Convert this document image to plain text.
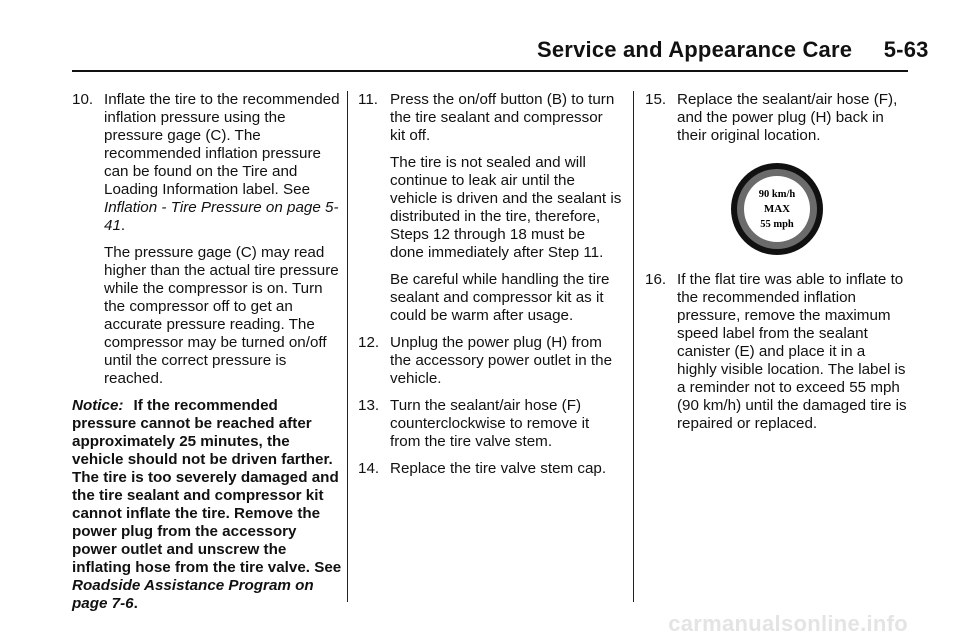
Service and Appearance Care     5-63
10. Inflate the tire to the recommended inflation pressure using the pressure gage (C). The recommended inflation pressure can be found on the Tire and Loading Information label. See Inflation - Tire Pressure on page 5-41.
The pressure gage (C) may read higher than the actual tire pressure while the compressor is on. Turn the compressor off to get an accurate pressure reading. The compressor may be turned on/off until the correct pressure is reached.
Notice: If the recommended pressure cannot be reached after approximately 25 minutes, the vehicle should not be driven farther. The tire is too severely damaged and the tire sealant and compressor kit cannot inflate the tire. Remove the power plug from the accessory power outlet and unscrew the inflating hose from the tire valve. See Roadside Assistance Program on page 7-6.
11. Press the on/off button (B) to turn the tire sealant and compressor kit off.
The tire is not sealed and will continue to leak air until the vehicle is driven and the sealant is distributed in the tire, therefore, Steps 12 through 18 must be done immediately after Step 11.
Be careful while handling the tire sealant and compressor kit as it could be warm after usage.
12. Unplug the power plug (H) from the accessory power outlet in the vehicle.
13. Turn the sealant/air hose (F) counterclockwise to remove it from the tire valve stem.
14. Replace the tire valve stem cap.
15. Replace the sealant/air hose (F), and the power plug (H) back in their original location.
90 km/h
MAX
55 mph
16. If the flat tire was able to inflate to the recommended inflation pressure, remove the maximum speed label from the sealant canister (E) and place it in a highly visible location. The label is a reminder not to exceed 55 mph (90 km/h) until the damaged tire is repaired or replaced.
carmanualsonline.info
